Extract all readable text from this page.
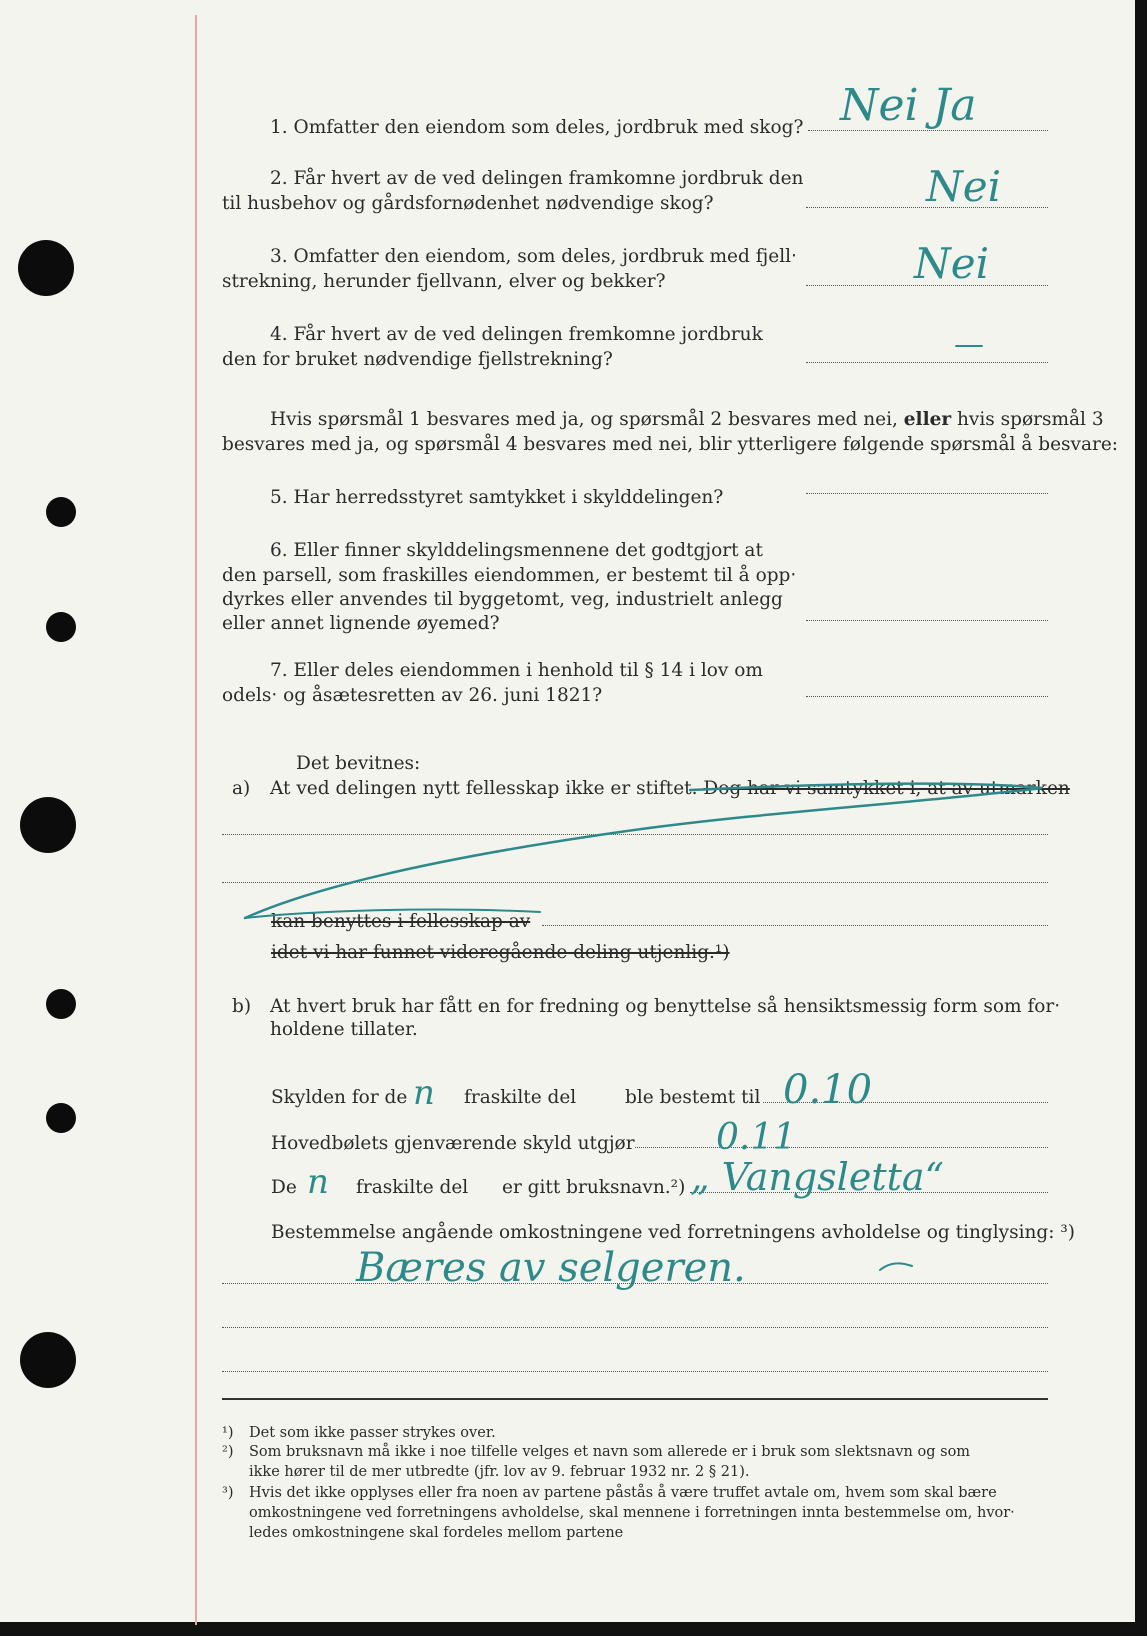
1. Omfatter den eiendom som deles, jordbruk med skog? Nei Ja
2. Får hvert av de ved delingen framkomne jordbruk den
til husbehov og gårdsfornødenhet nødvendige skog?	Nei
3. Omfatter den eiendom, som deles, jordbruk med fjell‧
strekning, herunder fjellvann, elver og bekker?	Nei
4. Får hvert av de ved delingen fremkomne jordbruk
den for bruket nødvendige fjellstrekning?	—
Hvis spørsmål 1 besvares med ja, og spørsmål 2 besvares med nei, eller hvis spørsmål 3
besvares med ja, og spørsmål 4 besvares med nei, blir ytterligere følgende spørsmål å besvare:
5. Har herredsstyret samtykket i skylddelingen?
6. Eller finner skylddelingsmennene det godtgjort at
den parsell, som fraskilles eiendommen, er bestemt til å opp‧
dyrkes eller anvendes til byggetomt, veg, industrielt anlegg
eller annet lignende øyemed?
7. Eller deles eiendommen i henhold til § 14 i lov om
odels‧ og åsætesretten av 26. juni 1821?
Det bevitnes:
a) At ved delingen nytt fellesskap ikke er stiftet. Dog har vi samtykket i, at av utmarken
kan benyttes i fellesskap av
idet vi har funnet videregående deling utjenlig.¹)
b) At hvert bruk har fått en for fredning og benyttelse så hensiktsmessig form som for‧
holdene tillater.
Skylden for de n fraskilte del	ble bestemt til 0.10
Hovedbølets gjenværende skyld utgjør 0.11
De n fraskilte del er gitt bruksnavn.²) „ Vangsletta“
Bestemmelse angående omkostningene ved forretningens avholdelse og tinglysing: ³)
Bæres av selgeren.
¹) Det som ikke passer strykes over.
²) Som bruksnavn må ikke i noe tilfelle velges et navn som allerede er i bruk som slektsnavn og som
ikke hører til de mer utbredte (jfr. lov av 9. februar 1932 nr. 2 § 21).
³) Hvis det ikke opplyses eller fra noen av partene påstås å være truffet avtale om, hvem som skal bære
omkostningene ved forretningens avholdelse, skal mennene i forretningen innta bestemmelse om, hvor‧
ledes omkostningene skal fordeles mellom partene
